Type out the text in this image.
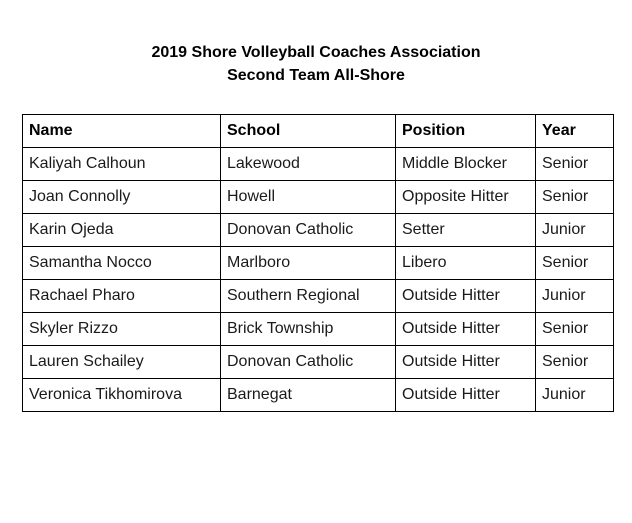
2019 Shore Volleyball Coaches Association

Second Team All-Shore

Name	School	Position	Year
Kaliyah Calhoun	Lakewood	Middle Blocker	Senior
Joan Connolly	Howell	Opposite Hitter	Senior
Karin Ojeda	Donovan Catholic	Setter	Junior
Samantha Nocco	Marlboro	Libero	Senior
Rachael Pharo	Southern Regional	Outside Hitter	Junior
Skyler Rizzo	Brick Township	Outside Hitter	Senior
Lauren Schailey	Donovan Catholic	Outside Hitter	Senior
Veronica Tikhomirova	Barnegat	Outside Hitter	Junior
